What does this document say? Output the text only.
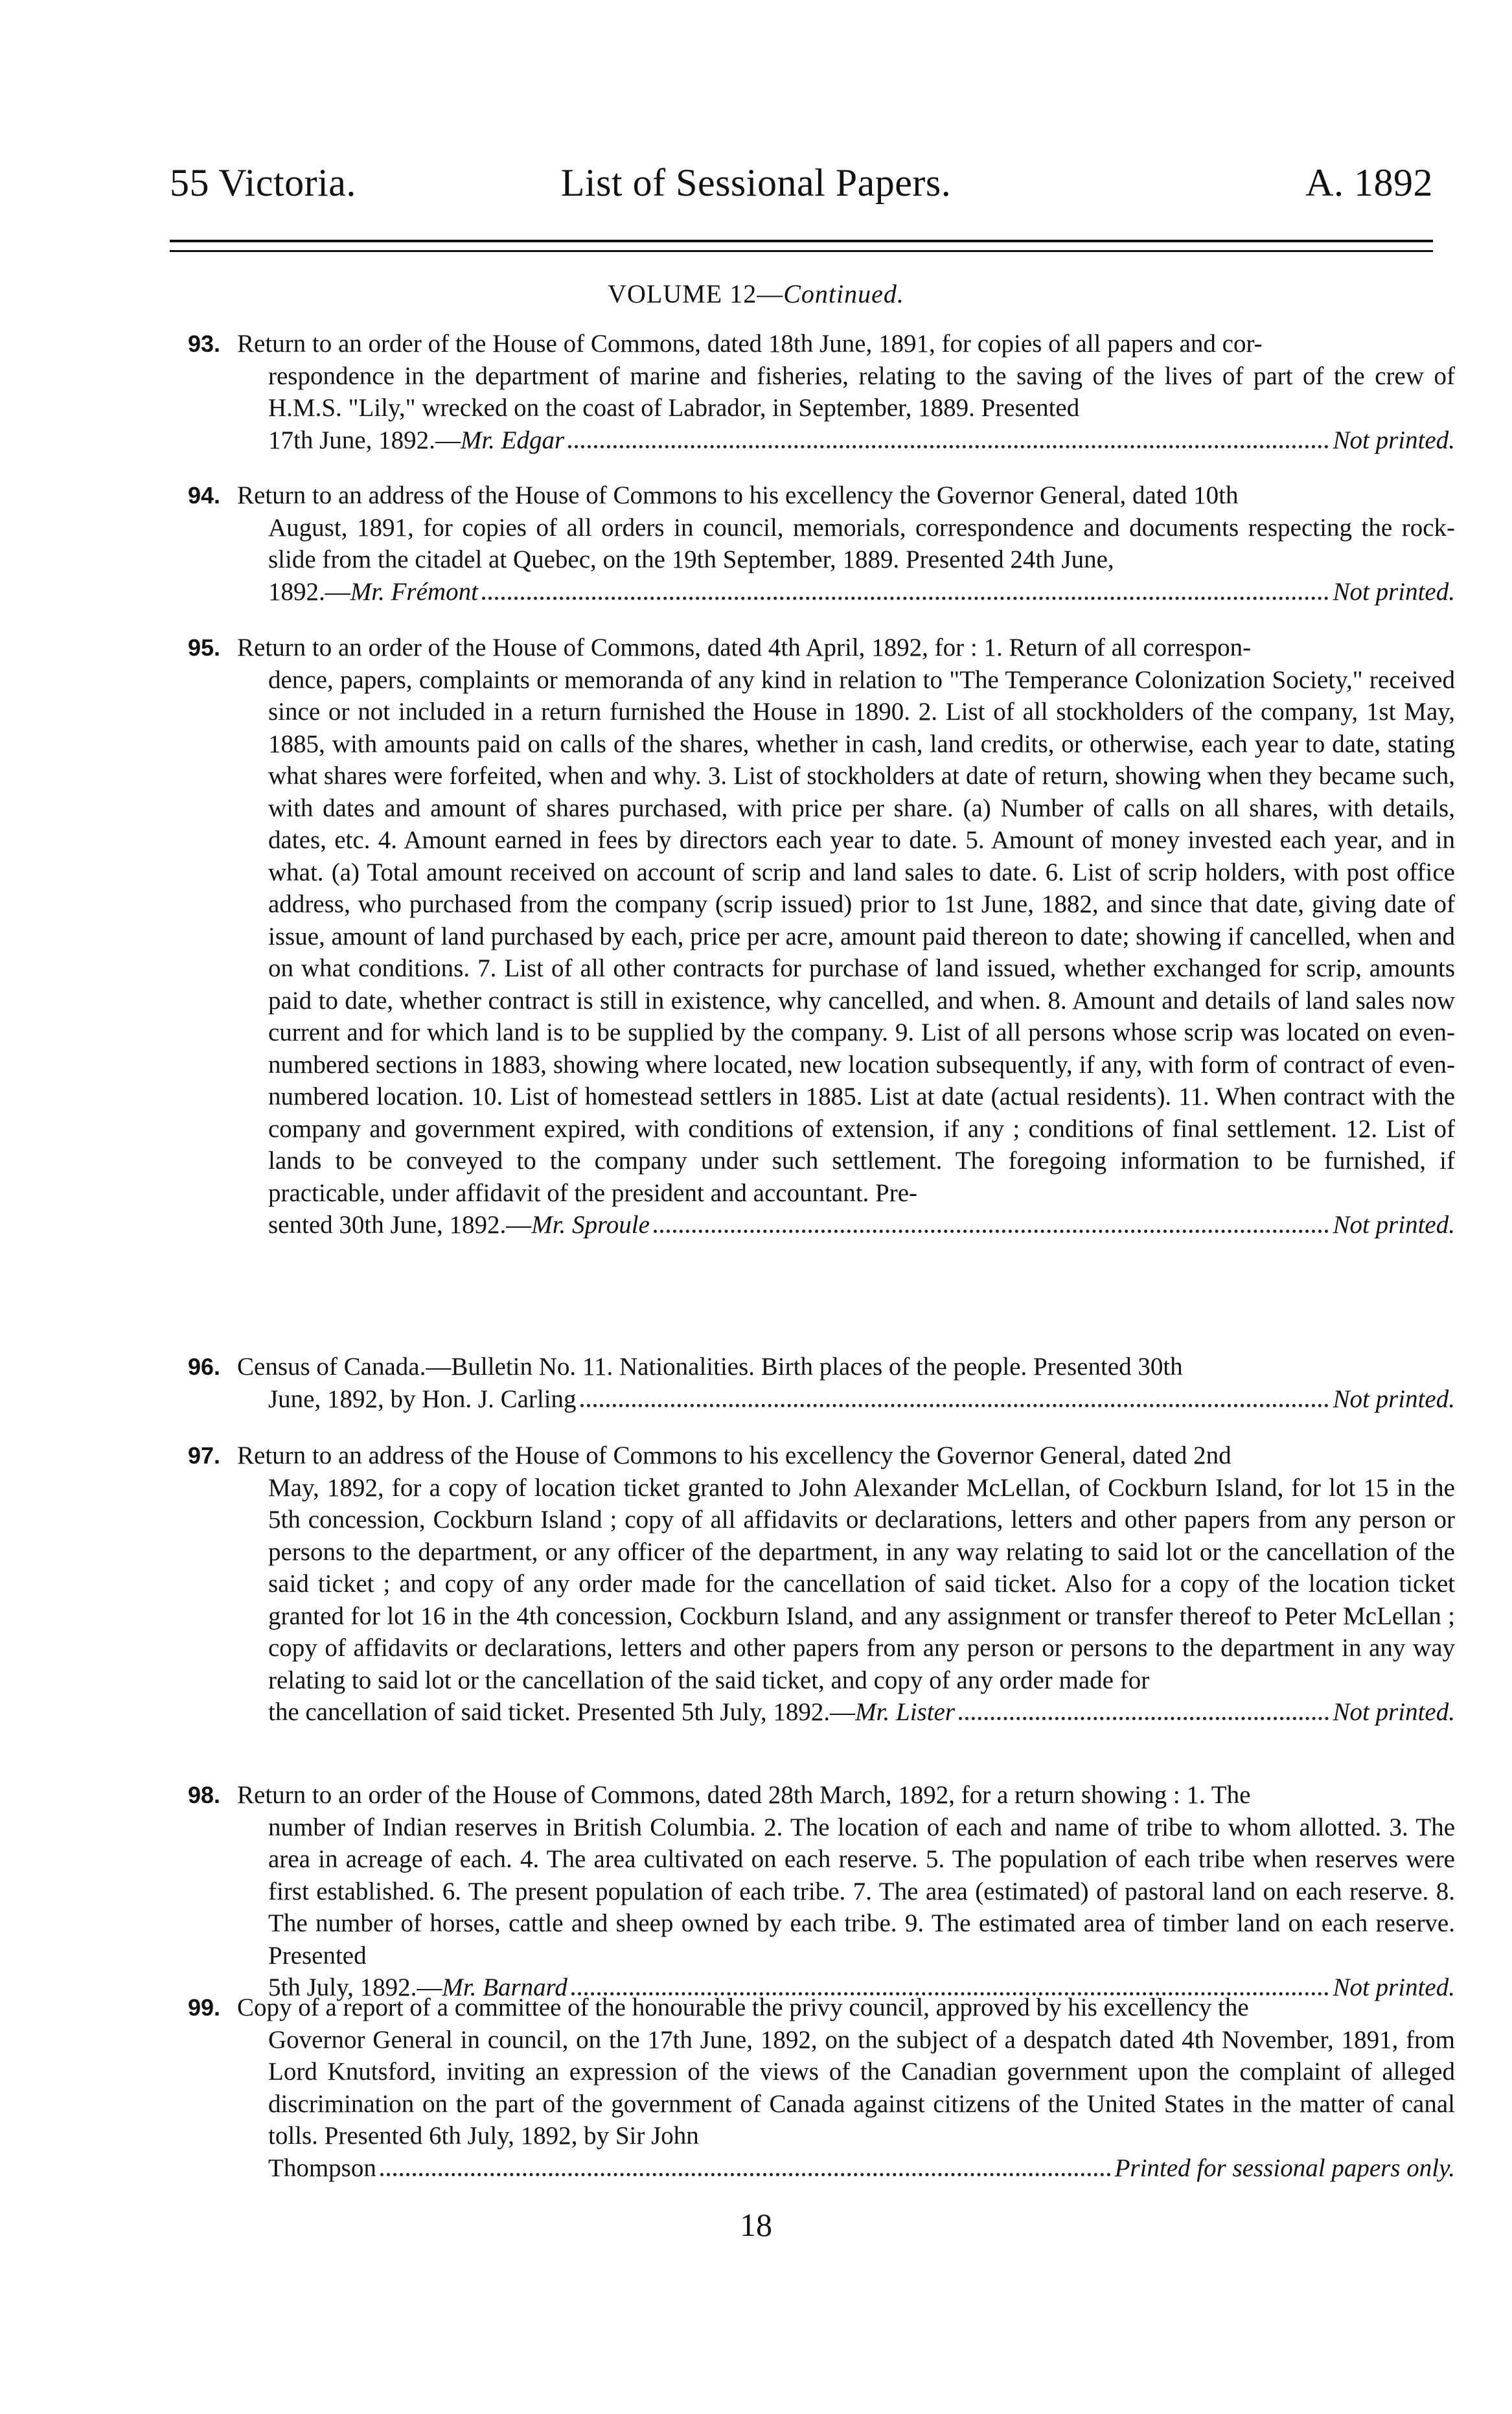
List of Sessional Papers.
55 Victoria.	A. 1892
VOLUME 12—Continued.
93. Return to an order of the House of Commons, dated 18th June, 1891, for copies of all papers and cor-
respondence in the department of marine and fisheries, relating to the saving of the lives of part of the crew of H.M.S. "Lily," wrecked on the coast of Labrador, in September, 1889. Presented
17th June, 1892.— Mr. Edgar	Not printed.
94. Return to an address of the House of Commons to his excellency the Governor General, dated 10th
August, 1891, for copies of all orders in council, memorials, correspondence and documents respecting the rock-slide from the citadel at Quebec, on the 19th September, 1889. Presented 24th June,
1892.— Mr. Frémont	Not printed.
95. Return to an order of the House of Commons, dated 4th April, 1892, for : 1. Return of all correspon-
dence, papers, complaints or memoranda of any kind in relation to "The Temperance Colonization Society," received since or not included in a return furnished the House in 1890. 2. List of all stockholders of the company, 1st May, 1885, with amounts paid on calls of the shares, whether in cash, land credits, or otherwise, each year to date, stating what shares were forfeited, when and why. 3. List of stockholders at date of return, showing when they became such, with dates and amount of shares purchased, with price per share. (a) Number of calls on all shares, with details, dates, etc. 4. Amount earned in fees by directors each year to date. 5. Amount of money invested each year, and in what. (a) Total amount received on account of scrip and land sales to date. 6. List of scrip holders, with post office address, who purchased from the company (scrip issued) prior to 1st June, 1882, and since that date, giving date of issue, amount of land purchased by each, price per acre, amount paid thereon to date; showing if cancelled, when and on what conditions. 7. List of all other contracts for purchase of land issued, whether exchanged for scrip, amounts paid to date, whether contract is still in existence, why cancelled, and when. 8. Amount and details of land sales now current and for which land is to be supplied by the company. 9. List of all persons whose scrip was located on even-numbered sections in 1883, showing where located, new location subsequently, if any, with form of contract of even-numbered location. 10. List of homestead settlers in 1885. List at date (actual residents). 11. When contract with the company and government expired, with conditions of extension, if any ; conditions of final settlement. 12. List of lands to be conveyed to the company under such settlement. The foregoing information to be furnished, if practicable, under affidavit of the president and accountant. Pre-
sented 30th June, 1892.— Mr. Sproule	Not printed.
96. Census of Canada.—Bulletin No. 11. Nationalities. Birth places of the people. Presented 30th
June, 1892, by Hon. J. Carling	Not printed.
97. Return to an address of the House of Commons to his excellency the Governor General, dated 2nd
May, 1892, for a copy of location ticket granted to John Alexander McLellan, of Cockburn Island, for lot 15 in the 5th concession, Cockburn Island ; copy of all affidavits or declarations, letters and other papers from any person or persons to the department, or any officer of the department, in any way relating to said lot or the cancellation of the said ticket ; and copy of any order made for the cancellation of said ticket. Also for a copy of the location ticket granted for lot 16 in the 4th concession, Cockburn Island, and any assignment or transfer thereof to Peter McLellan ; copy of affidavits or declarations, letters and other papers from any person or persons to the department in any way relating to said lot or the cancellation of the said ticket, and copy of any order made for
the cancellation of said ticket. Presented 5th July, 1892.— Mr. Lister	Not printed.
98. Return to an order of the House of Commons, dated 28th March, 1892, for a return showing : 1. The
number of Indian reserves in British Columbia. 2. The location of each and name of tribe to whom allotted. 3. The area in acreage of each. 4. The area cultivated on each reserve. 5. The population of each tribe when reserves were first established. 6. The present population of each tribe. 7. The area (estimated) of pastoral land on each reserve. 8. The number of horses, cattle and sheep owned by each tribe. 9. The estimated area of timber land on each reserve. Presented
5th July, 1892.— Mr. Barnard	Not printed.
99. Copy of a report of a committee of the honourable the privy council, approved by his excellency the
Governor General in council, on the 17th June, 1892, on the subject of a despatch dated 4th November, 1891, from Lord Knutsford, inviting an expression of the views of the Canadian government upon the complaint of alleged discrimination on the part of the government of Canada against citizens of the United States in the matter of canal tolls. Presented 6th July, 1892, by Sir John
Thompson	Printed for sessional papers only.
18
